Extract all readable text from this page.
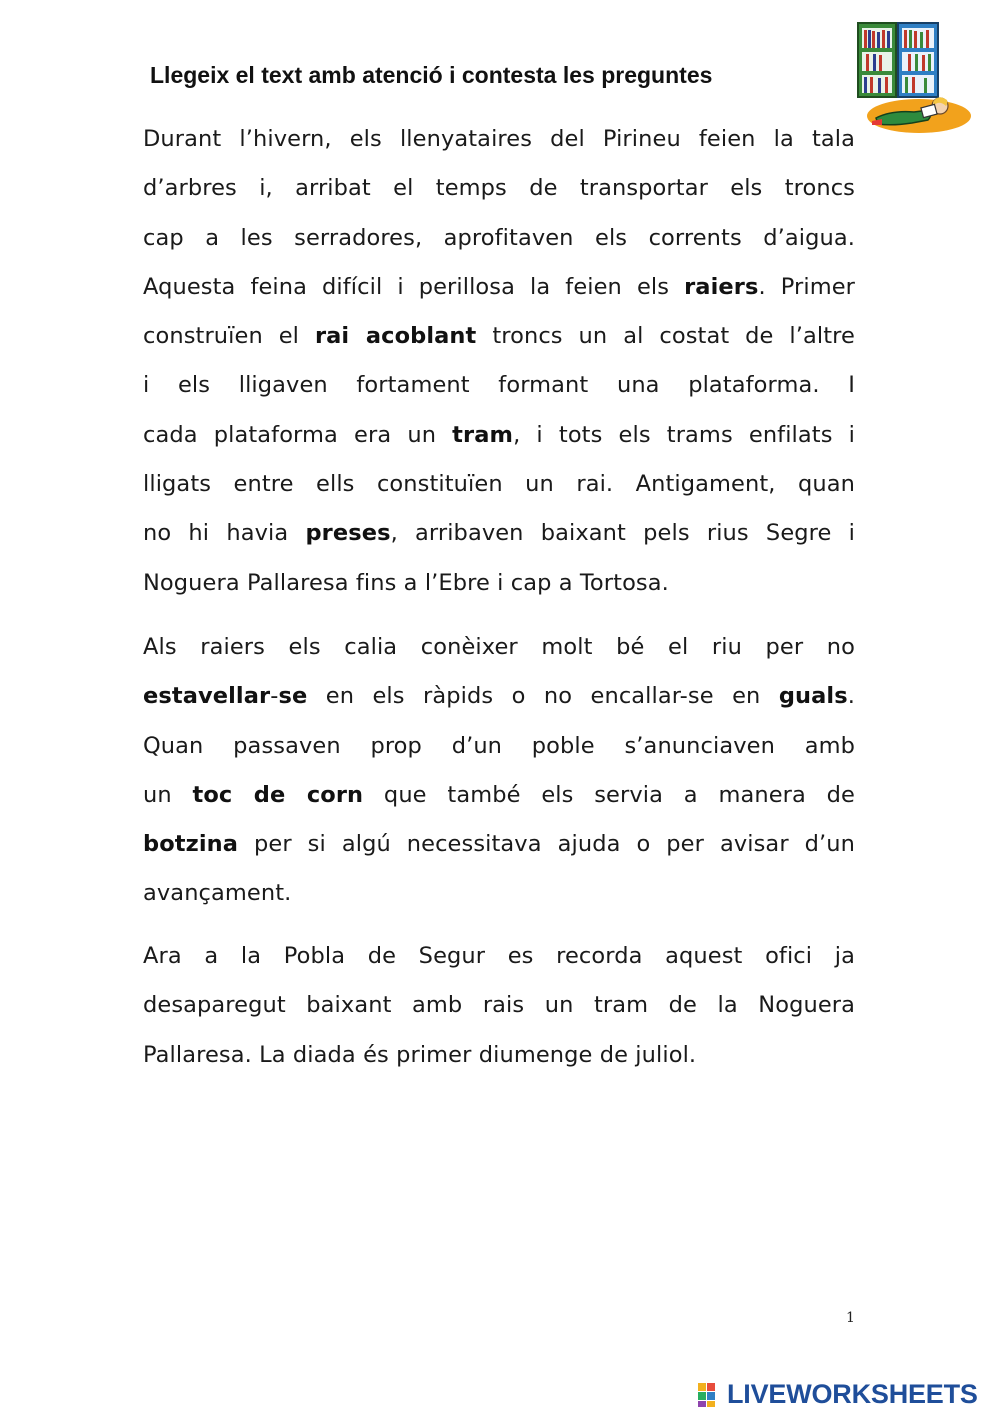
Llegeix el text amb atenció i contesta les preguntes
Durant l’hivern, els llenyataires del Pirineu feien la tala
d’arbres i, arribat el temps de transportar els troncs
cap a les serradores, aprofitaven els corrents d’aigua.
Aquesta feina difícil i perillosa la feien els raiers. Primer
construïen el rai acoblant troncs un al costat de l’altre
i els lligaven fortament formant una plataforma. I
cada plataforma era un tram, i tots els trams enfilats i
lligats entre ells constituïen un rai. Antigament, quan
no hi havia preses, arribaven baixant pels rius Segre i
Noguera Pallaresa fins a l’Ebre i cap a Tortosa.
Als raiers els calia conèixer molt bé el riu per no
estavellar-se en els ràpids o no encallar-se en guals.
Quan passaven prop d’un poble s’anunciaven amb
un toc de corn que també els servia a manera de
botzina per si algú necessitava ajuda o per avisar d’un
avançament.
Ara a la Pobla de Segur es recorda aquest ofici ja
desaparegut baixant amb rais un tram de la Noguera
Pallaresa. La diada és primer diumenge de juliol.
1
LIVEWORKSHEETS
